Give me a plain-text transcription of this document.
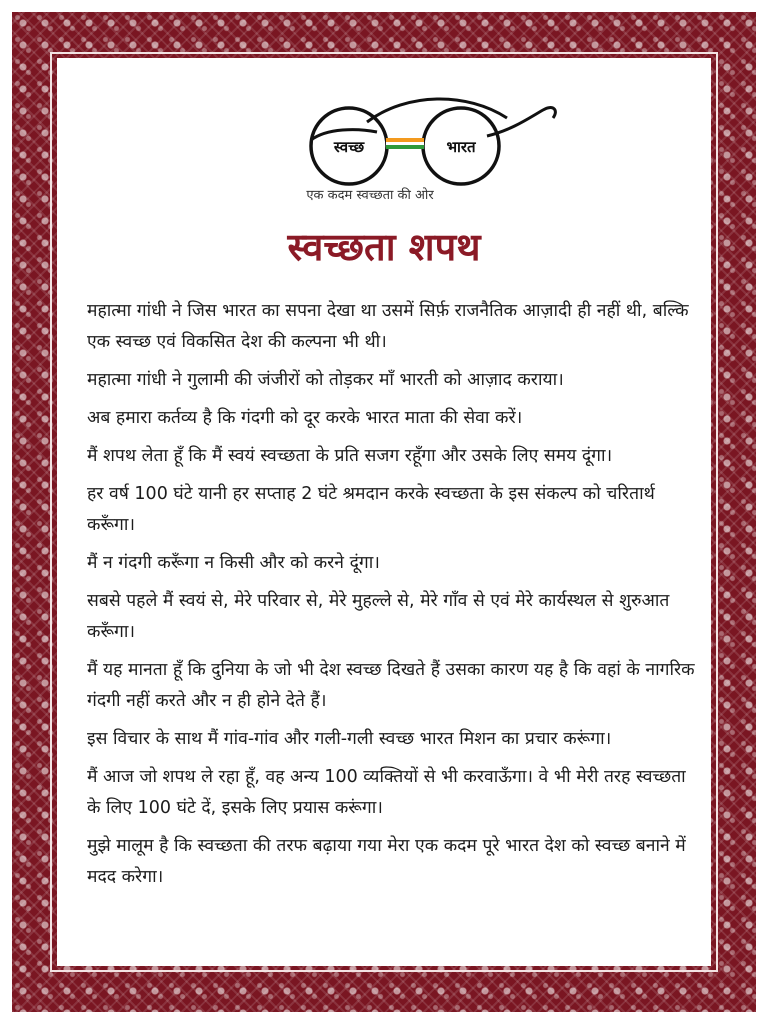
स्वच्छ	भारत
एक कदम स्वच्छता की ओर
स्वच्छता शपथ

महात्मा गांधी ने जिस भारत का सपना देखा था उसमें सिर्फ़ राजनैतिक आज़ादी ही नहीं थी, बल्कि एक स्वच्छ एवं विकसित देश की कल्पना भी थी।

महात्मा गांधी ने गुलामी की जंजीरों को तोड़कर माँ भारती को आज़ाद कराया।

अब हमारा कर्तव्य है कि गंदगी को दूर करके भारत माता की सेवा करें।

मैं शपथ लेता हूँ कि मैं स्वयं स्वच्छता के प्रति सजग रहूँगा और उसके लिए समय दूंगा।

हर वर्ष 100 घंटे यानी हर सप्ताह 2 घंटे श्रमदान करके स्वच्छता के इस संकल्प को चरितार्थ करूँगा।

मैं न गंदगी करूँगा न किसी और को करने दूंगा।

सबसे पहले मैं स्वयं से, मेरे परिवार से, मेरे मुहल्ले से, मेरे गाँव से एवं मेरे कार्यस्थल से शुरुआत करूँगा।

मैं यह मानता हूँ कि दुनिया के जो भी देश स्वच्छ दिखते हैं उसका कारण यह है कि वहां के नागरिक गंदगी नहीं करते और न ही होने देते हैं।

इस विचार के साथ मैं गांव-गांव और गली-गली स्वच्छ भारत मिशन का प्रचार करूंगा।

मैं आज जो शपथ ले रहा हूँ, वह अन्य 100 व्यक्तियों से भी करवाऊँगा। वे भी मेरी तरह स्वच्छता के लिए 100 घंटे दें, इसके लिए प्रयास करूंगा।

मुझे मालूम है कि स्वच्छता की तरफ बढ़ाया गया मेरा एक कदम पूरे भारत देश को स्वच्छ बनाने में मदद करेगा।
